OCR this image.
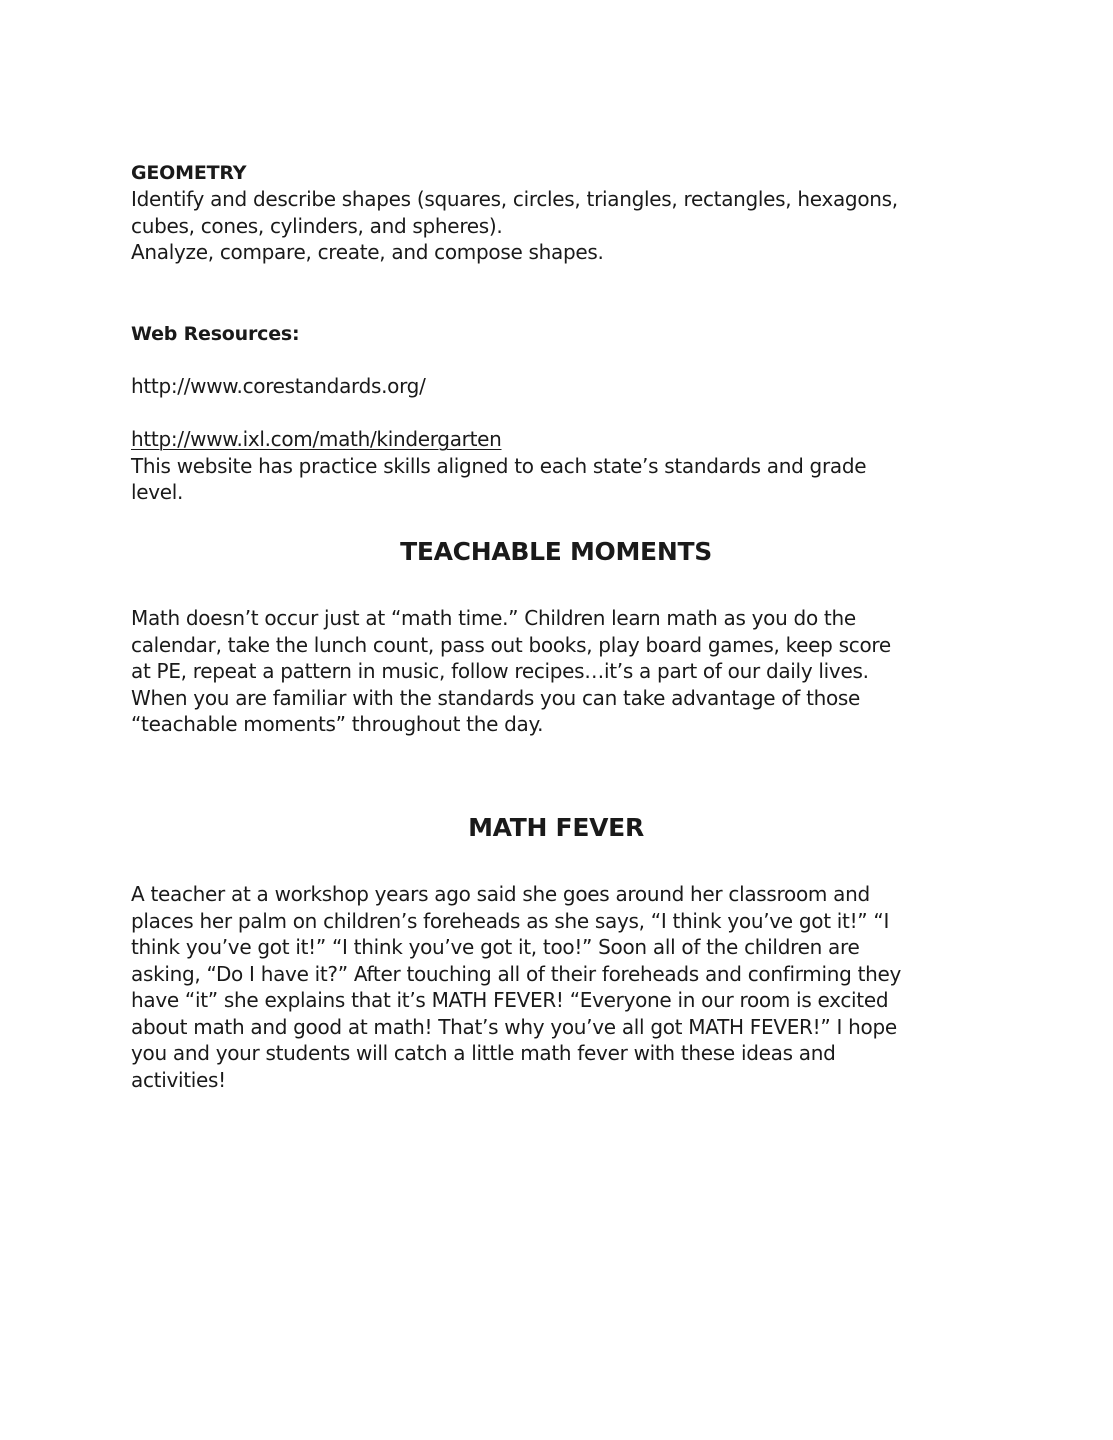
GEOMETRY

Identify and describe shapes (squares, circles, triangles, rectangles, hexagons,

cubes, cones, cylinders, and spheres).

Analyze, compare, create, and compose shapes.

Web Resources:

http://www.corestandards.org/

http://www.ixl.com/math/kindergarten

This website has practice skills aligned to each state’s standards and grade

level.

TEACHABLE MOMENTS

Math doesn’t occur just at “math time.” Children learn math as you do the

calendar, take the lunch count, pass out books, play board games, keep score

at PE, repeat a pattern in music, follow recipes…it’s a part of our daily lives.

When you are familiar with the standards you can take advantage of those

“teachable moments” throughout the day.

MATH FEVER

A teacher at a workshop years ago said she goes around her classroom and

places her palm on children’s foreheads as she says, “I think you’ve got it!” “I

think you’ve got it!” “I think you’ve got it, too!” Soon all of the children are

asking, “Do I have it?” After touching all of their foreheads and confirming they

have “it” she explains that it’s MATH FEVER! “Everyone in our room is excited

about math and good at math! That’s why you’ve all got MATH FEVER!” I hope

you and your students will catch a little math fever with these ideas and

activities!
